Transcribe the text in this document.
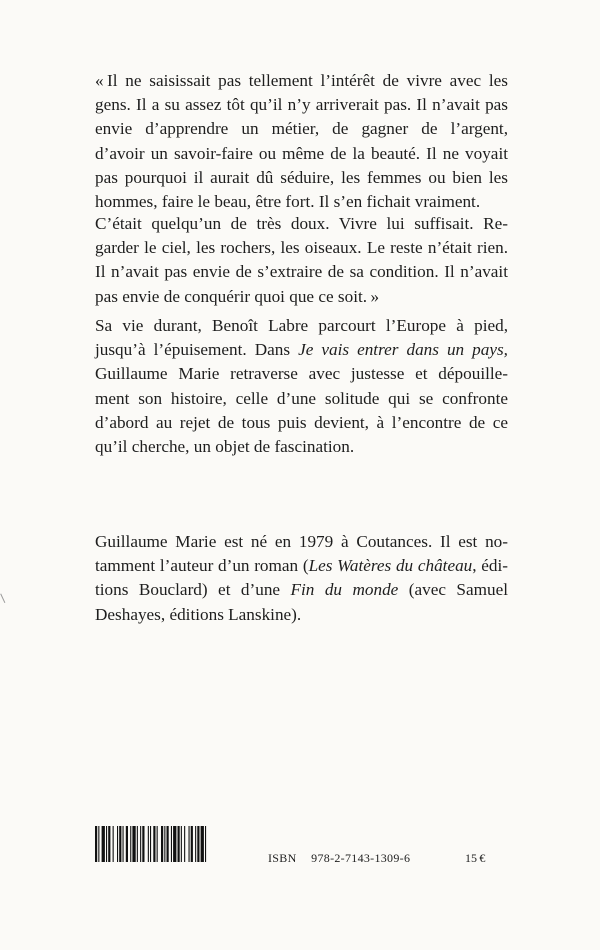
« Il ne saisissait pas tellement l’intérêt de vivre avec les
gens. Il a su assez tôt qu’il n’y arriverait pas. Il n’avait pas
envie d’apprendre un métier, de gagner de l’argent,
d’avoir un savoir-faire ou même de la beauté. Il ne voyait
pas pourquoi il aurait dû séduire, les femmes ou bien les
hommes, faire le beau, être fort. Il s’en fichait vraiment.
C’était quelqu’un de très doux. Vivre lui suffisait. Re-
garder le ciel, les rochers, les oiseaux. Le reste n’était rien.
Il n’avait pas envie de s’extraire de sa condition. Il n’avait
pas envie de conquérir quoi que ce soit. »
Sa vie durant, Benoît Labre parcourt l’Europe à pied,
jusqu’à l’épuisement. Dans Je vais entrer dans un pays,
Guillaume Marie retraverse avec justesse et dépouille-
ment son histoire, celle d’une solitude qui se confronte
d’abord au rejet de tous puis devient, à l’encontre de ce
qu’il cherche, un objet de fascination.
Guillaume Marie est né en 1979 à Coutances. Il est no-
tamment l’auteur d’un roman (Les Watères du château, édi-
tions Bouclard) et d’une Fin du monde (avec Samuel
Deshayes, éditions Lanskine).
ISBN 978-2-7143-1309-6	15 €
